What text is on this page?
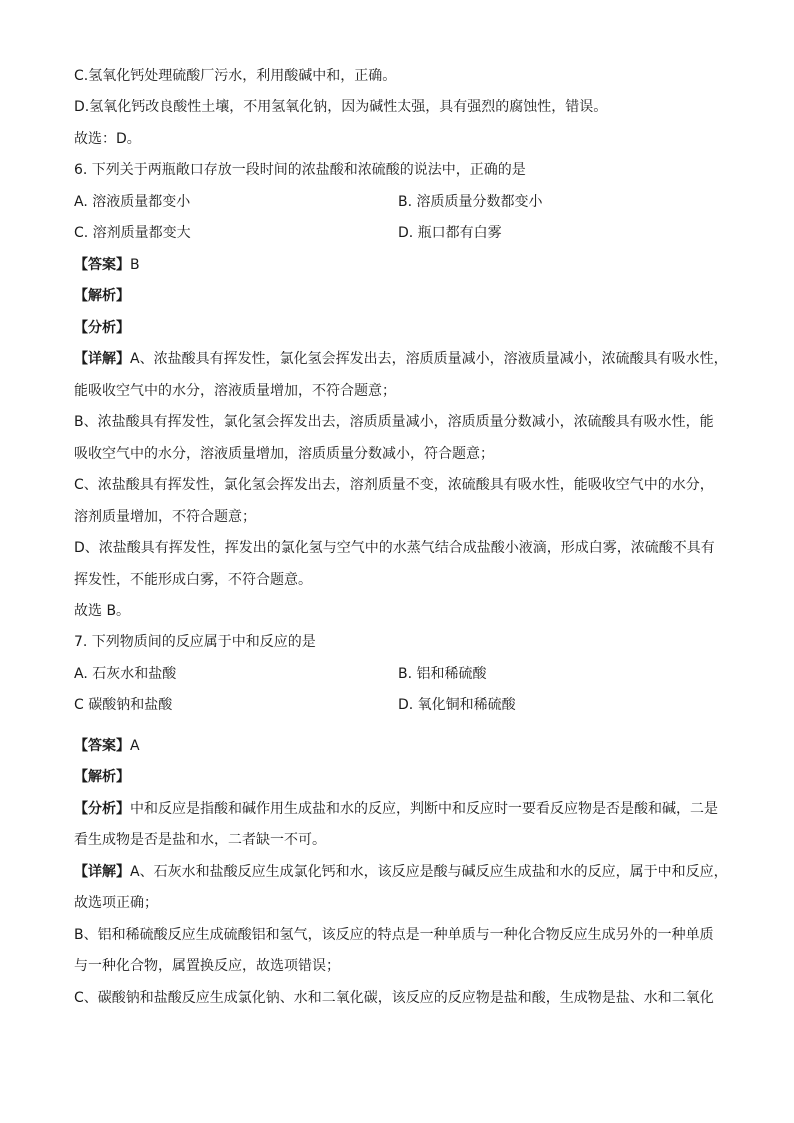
C.氢氧化钙处理硫酸厂污水，利用酸碱中和，正确。
D.氢氧化钙改良酸性土壤，不用氢氧化钠，因为碱性太强，具有强烈的腐蚀性，错误。
故选：D。
6. 下列关于两瓶敞口存放一段时间的浓盐酸和浓硫酸的说法中，正确的是
A. 溶液质量都变小	B. 溶质质量分数都变小
C. 溶剂质量都变大	D. 瓶口都有白雾
【答案】B
【解析】
【分析】
【详解】A、浓盐酸具有挥发性，氯化氢会挥发出去，溶质质量减小，溶液质量减小，浓硫酸具有吸水性，
能吸收空气中的水分，溶液质量增加，不符合题意；
B、浓盐酸具有挥发性，氯化氢会挥发出去，溶质质量减小，溶质质量分数减小，浓硫酸具有吸水性，能
吸收空气中的水分，溶液质量增加，溶质质量分数减小，符合题意；
C、浓盐酸具有挥发性，氯化氢会挥发出去，溶剂质量不变，浓硫酸具有吸水性，能吸收空气中的水分，
溶剂质量增加，不符合题意；
D、浓盐酸具有挥发性，挥发出的氯化氢与空气中的水蒸气结合成盐酸小液滴，形成白雾，浓硫酸不具有
挥发性，不能形成白雾，不符合题意。
故选 B。
7. 下列物质间的反应属于中和反应的是
A. 石灰水和盐酸	B. 铝和稀硫酸
C 碳酸钠和盐酸	D. 氧化铜和稀硫酸
【答案】A
【解析】
【分析】中和反应是指酸和碱作用生成盐和水的反应，判断中和反应时一要看反应物是否是酸和碱，二是
看生成物是否是盐和水，二者缺一不可。
【详解】A、石灰水和盐酸反应生成氯化钙和水，该反应是酸与碱反应生成盐和水的反应，属于中和反应，
故选项正确；
B、铝和稀硫酸反应生成硫酸铝和氢气，该反应的特点是一种单质与一种化合物反应生成另外的一种单质
与一种化合物，属置换反应，故选项错误；
C、碳酸钠和盐酸反应生成氯化钠、水和二氧化碳，该反应的反应物是盐和酸，生成物是盐、水和二氧化
